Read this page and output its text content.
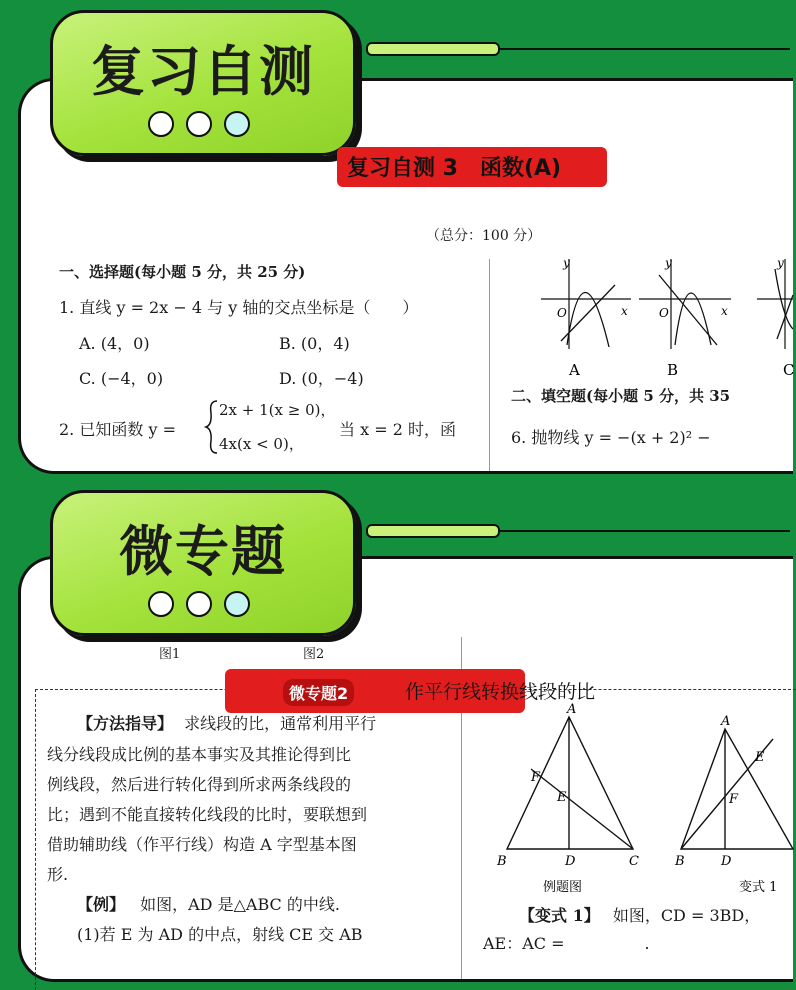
复习自测 3　函数(A)
（总分：100 分）
一、选择题(每小题 5 分，共 25 分)
1. 直线 y = 2x − 4 与 y 轴的交点坐标是（　　）
A. (4，0)	B. (0，4)
C. (−4，0)	D. (0，−4)
2. 已知函数 y =
2x + 1(x ≥ 0)，
4x(x < 0)，
当 x = 2 时，函
y
x
O
y
x
O
y
A	B	C
二、填空题(每小题 5 分，共 35
6. 抛物线 y = −(x + 2)² −
复习自测
图1	图2
微专题2	作平行线转换线段的比
【方法指导】 求线段的比，通常利用平行
线分线段成比例的基本事实及其推论得到比
例线段，然后进行转化得到所求两条线段的
比；遇到不能直接转化线段的比时，要联想到
借助辅助线（作平行线）构造 A 字型基本图
形.
【例】 如图，AD 是△ABC 的中线.
(1)若 E 为 AD 的中点，射线 CE 交 AB
A
B	C
D
E
F
A
B	D
E
F
例题图	变式 1
【变式 1】 如图，CD = 3BD，
AE：AC =　　　　　.
微专题
